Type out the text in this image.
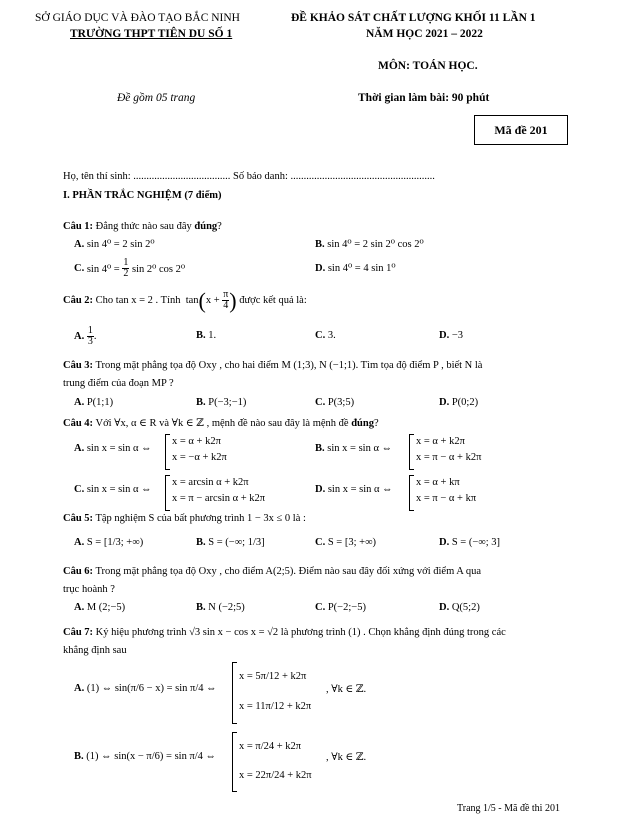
SỞ GIÁO DỤC VÀ ĐÀO TẠO BẮC NINH
TRƯỜNG THPT TIÊN DU SỐ 1
ĐỀ KHẢO SÁT CHẤT LƯỢNG KHỐI 11 LẦN 1
NĂM HỌC 2021 – 2022
MÔN: TOÁN HỌC.
Đề gồm 05 trang	Thời gian làm bài: 90 phút
Mã đề 201
Họ, tên thí sinh: ..................................... Số báo danh: .......................................................
I. PHẦN TRẮC NGHIỆM (7 điểm)
Câu 1: Đẳng thức nào sau đây đúng?
A. sin 4⁰ = 2 sin 2⁰	B. sin 4⁰ = 2 sin 2⁰ cos 2⁰
C.
sin 4⁰ =
$\frac{1}{2}$
sin 2⁰ cos 2⁰	D. sin 4⁰ = 4 sin 1⁰
Câu 2:
Cho tan x = 2 . Tính
tan ( x +
$\frac{\pi}{4}$ )
được kết quả là:
A.
$\frac{1}{3}$ .	B. 1.	C. 3.	D. −3
Câu 3: Trong mặt phẳng tọa độ Oxy , cho hai điểm M (1;3), N (−1;1). Tìm tọa độ điểm P , biết N là
trung điểm của đoạn MP ?
A. P(1;1)	B. P(−3;−1)	C. P(3;5)	D. P(0;2)
Câu 4: Với ∀x, α ∈ R và ∀k ∈ ℤ , mệnh đề nào sau đây là mệnh đề đúng?
A. sin x = sin α ⇔
x = α + k2π
x = −α + k2π
B. sin x = sin α ⇔
x = α + k2π
x = π − α + k2π
C. sin x = sin α ⇔
x = arcsin α + k2π
x = π − arcsin α + k2π
D. sin x = sin α ⇔
x = α + kπ
x = π − α + kπ
Câu 5: Tập nghiệm S của bất phương trình 1 − 3x ≤ 0 là :
A. S = [1/3; +∞)	B. S = (−∞; 1/3]	C. S = [3; +∞)	D. S = (−∞; 3]
Câu 6: Trong mặt phẳng tọa độ Oxy , cho điểm A(2;5). Điểm nào sau đây đối xứng với điểm A qua
trục hoành ?
A. M (2;−5)	B. N (−2;5)	C. P(−2;−5)	D. Q(5;2)
Câu 7: Ký hiệu phương trình √3 sin x − cos x = √2 là phương trình (1) . Chọn khẳng định đúng trong các
khẳng định sau
A. (1) ⇔ sin(π/6 − x) = sin π/4 ⇔
x = 5π/12 + k2π
x = 11π/12 + k2π
, ∀k ∈ ℤ.
B. (1) ⇔ sin(x − π/6) = sin π/4 ⇔
x = π/24 + k2π
x = 22π/24 + k2π
, ∀k ∈ ℤ.
Trang 1/5 - Mã đề thi 201
